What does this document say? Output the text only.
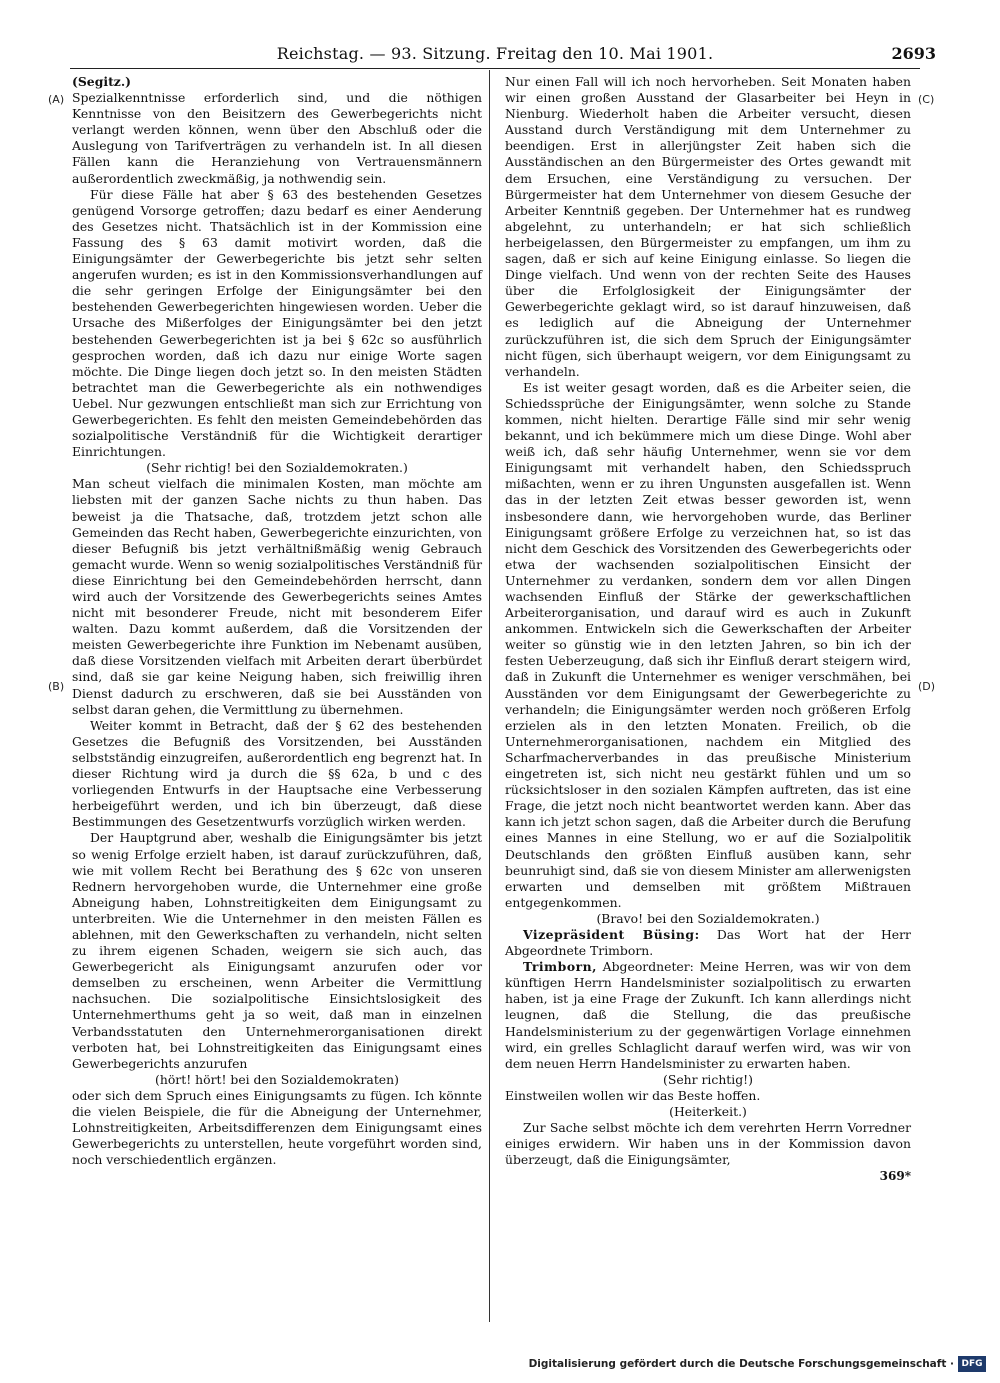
Reichstag. — 93. Sitzung. Freitag den 10. Mai 1901.	2693
(A)
(B)
(C)
(D)

(Segitz.)

Spezialkenntnisse erforderlich sind, und die nöthigen Kenntnisse von den Beisitzern des Gewerbegerichts nicht verlangt werden können, wenn über den Abschluß oder die Auslegung von Tarifverträgen zu verhandeln ist. In all diesen Fällen kann die Heranziehung von Vertrauensmännern außerordentlich zweckmäßig, ja nothwendig sein.

Für diese Fälle hat aber § 63 des bestehenden Gesetzes genügend Vorsorge getroffen; dazu bedarf es einer Aenderung des Gesetzes nicht. Thatsächlich ist in der Kommission eine Fassung des § 63 damit motivirt worden, daß die Einigungsämter der Gewerbegerichte bis jetzt sehr selten angerufen wurden; es ist in den Kommissionsverhandlungen auf die sehr geringen Erfolge der Einigungsämter bei den bestehenden Gewerbegerichten hingewiesen worden. Ueber die Ursache des Mißerfolges der Einigungsämter bei den jetzt bestehenden Gewerbegerichten ist ja bei § 62c so ausführlich gesprochen worden, daß ich dazu nur einige Worte sagen möchte. Die Dinge liegen doch jetzt so. In den meisten Städten betrachtet man die Gewerbegerichte als ein nothwendiges Uebel. Nur gezwungen entschließt man sich zur Errichtung von Gewerbegerichten. Es fehlt den meisten Gemeindebehörden das sozialpolitische Verständniß für die Wichtigkeit derartiger Einrichtungen.

(Sehr richtig! bei den Sozialdemokraten.)

Man scheut vielfach die minimalen Kosten, man möchte am liebsten mit der ganzen Sache nichts zu thun haben. Das beweist ja die Thatsache, daß, trotzdem jetzt schon alle Gemeinden das Recht haben, Gewerbegerichte einzurichten, von dieser Befugniß bis jetzt verhältnißmäßig wenig Gebrauch gemacht wurde. Wenn so wenig sozialpolitisches Verständniß für diese Einrichtung bei den Gemeindebehörden herrscht, dann wird auch der Vorsitzende des Gewerbegerichts seines Amtes nicht mit besonderer Freude, nicht mit besonderem Eifer walten. Dazu kommt außerdem, daß die Vorsitzenden der meisten Gewerbegerichte ihre Funktion im Nebenamt ausüben, daß diese Vorsitzenden vielfach mit Arbeiten derart überbürdet sind, daß sie gar keine Neigung haben, sich freiwillig ihren Dienst dadurch zu erschweren, daß sie bei Ausständen von selbst daran gehen, die Vermittlung zu übernehmen.

Weiter kommt in Betracht, daß der § 62 des bestehenden Gesetzes die Befugniß des Vorsitzenden, bei Ausständen selbstständig einzugreifen, außerordentlich eng begrenzt hat. In dieser Richtung wird ja durch die §§ 62a, b und c des vorliegenden Entwurfs in der Hauptsache eine Verbesserung herbeigeführt werden, und ich bin überzeugt, daß diese Bestimmungen des Gesetzentwurfs vorzüglich wirken werden.

Der Hauptgrund aber, weshalb die Einigungsämter bis jetzt so wenig Erfolge erzielt haben, ist darauf zurückzuführen, daß, wie mit vollem Recht bei Berathung des § 62c von unseren Rednern hervorgehoben wurde, die Unternehmer eine große Abneigung haben, Lohnstreitigkeiten dem Einigungsamt zu unterbreiten. Wie die Unternehmer in den meisten Fällen es ablehnen, mit den Gewerkschaften zu verhandeln, nicht selten zu ihrem eigenen Schaden, weigern sie sich auch, das Gewerbegericht als Einigungsamt anzurufen oder vor demselben zu erscheinen, wenn Arbeiter die Vermittlung nachsuchen. Die sozialpolitische Einsichtslosigkeit des Unternehmerthums geht ja so weit, daß man in einzelnen Verbandsstatuten den Unternehmerorganisationen direkt verboten hat, bei Lohnstreitigkeiten das Einigungsamt eines Gewerbegerichts anzurufen

(hört! hört! bei den Sozialdemokraten)

oder sich dem Spruch eines Einigungsamts zu fügen. Ich könnte die vielen Beispiele, die für die Abneigung der Unternehmer, Lohnstreitigkeiten, Arbeitsdifferenzen dem Einigungsamt eines Gewerbegerichts zu unterstellen, heute vorgeführt worden sind, noch verschiedentlich ergänzen.

Nur einen Fall will ich noch hervorheben. Seit Monaten haben wir einen großen Ausstand der Glasarbeiter bei Heyn in Nienburg. Wiederholt haben die Arbeiter versucht, diesen Ausstand durch Verständigung mit dem Unternehmer zu beendigen. Erst in allerjüngster Zeit haben sich die Ausständischen an den Bürgermeister des Ortes gewandt mit dem Ersuchen, eine Verständigung zu versuchen. Der Bürgermeister hat dem Unternehmer von diesem Gesuche der Arbeiter Kenntniß gegeben. Der Unternehmer hat es rundweg abgelehnt, zu unterhandeln; er hat sich schließlich herbeigelassen, den Bürgermeister zu empfangen, um ihm zu sagen, daß er sich auf keine Einigung einlasse. So liegen die Dinge vielfach. Und wenn von der rechten Seite des Hauses über die Erfolglosigkeit der Einigungsämter der Gewerbegerichte geklagt wird, so ist darauf hinzuweisen, daß es lediglich auf die Abneigung der Unternehmer zurückzuführen ist, die sich dem Spruch der Einigungsämter nicht fügen, sich überhaupt weigern, vor dem Einigungsamt zu verhandeln.

Es ist weiter gesagt worden, daß es die Arbeiter seien, die Schiedssprüche der Einigungsämter, wenn solche zu Stande kommen, nicht hielten. Derartige Fälle sind mir sehr wenig bekannt, und ich bekümmere mich um diese Dinge. Wohl aber weiß ich, daß sehr häufig Unternehmer, wenn sie vor dem Einigungsamt mit verhandelt haben, den Schiedsspruch mißachten, wenn er zu ihren Ungunsten ausgefallen ist. Wenn das in der letzten Zeit etwas besser geworden ist, wenn insbesondere dann, wie hervorgehoben wurde, das Berliner Einigungsamt größere Erfolge zu verzeichnen hat, so ist das nicht dem Geschick des Vorsitzenden des Gewerbegerichts oder etwa der wachsenden sozialpolitischen Einsicht der Unternehmer zu verdanken, sondern dem vor allen Dingen wachsenden Einfluß der Stärke der gewerkschaftlichen Arbeiterorganisation, und darauf wird es auch in Zukunft ankommen. Entwickeln sich die Gewerkschaften der Arbeiter weiter so günstig wie in den letzten Jahren, so bin ich der festen Ueberzeugung, daß sich ihr Einfluß derart steigern wird, daß in Zukunft die Unternehmer es weniger verschmähen, bei Ausständen vor dem Einigungsamt der Gewerbegerichte zu verhandeln; die Einigungsämter werden noch größeren Erfolg erzielen als in den letzten Monaten. Freilich, ob die Unternehmerorganisationen, nachdem ein Mitglied des Scharfmacherverbandes in das preußische Ministerium eingetreten ist, sich nicht neu gestärkt fühlen und um so rücksichtsloser in den sozialen Kämpfen auftreten, das ist eine Frage, die jetzt noch nicht beantwortet werden kann. Aber das kann ich jetzt schon sagen, daß die Arbeiter durch die Berufung eines Mannes in eine Stellung, wo er auf die Sozialpolitik Deutschlands den größten Einfluß ausüben kann, sehr beunruhigt sind, daß sie von diesem Minister am allerwenigsten erwarten und demselben mit größtem Mißtrauen entgegenkommen.

(Bravo! bei den Sozialdemokraten.)

Vizepräsident Büsing: Das Wort hat der Herr Abgeordnete Trimborn.

Trimborn, Abgeordneter: Meine Herren, was wir von dem künftigen Herrn Handelsminister sozialpolitisch zu erwarten haben, ist ja eine Frage der Zukunft. Ich kann allerdings nicht leugnen, daß die Stellung, die das preußische Handelsministerium zu der gegenwärtigen Vorlage einnehmen wird, ein grelles Schlaglicht darauf werfen wird, was wir von dem neuen Herrn Handelsminister zu erwarten haben.

(Sehr richtig!)

Einstweilen wollen wir das Beste hoffen.

(Heiterkeit.)

Zur Sache selbst möchte ich dem verehrten Herrn Vorredner einiges erwidern. Wir haben uns in der Kommission davon überzeugt, daß die Einigungsämter,

369*

Digitalisierung gefördert durch die Deutsche Forschungsgemeinschaft · DFG
